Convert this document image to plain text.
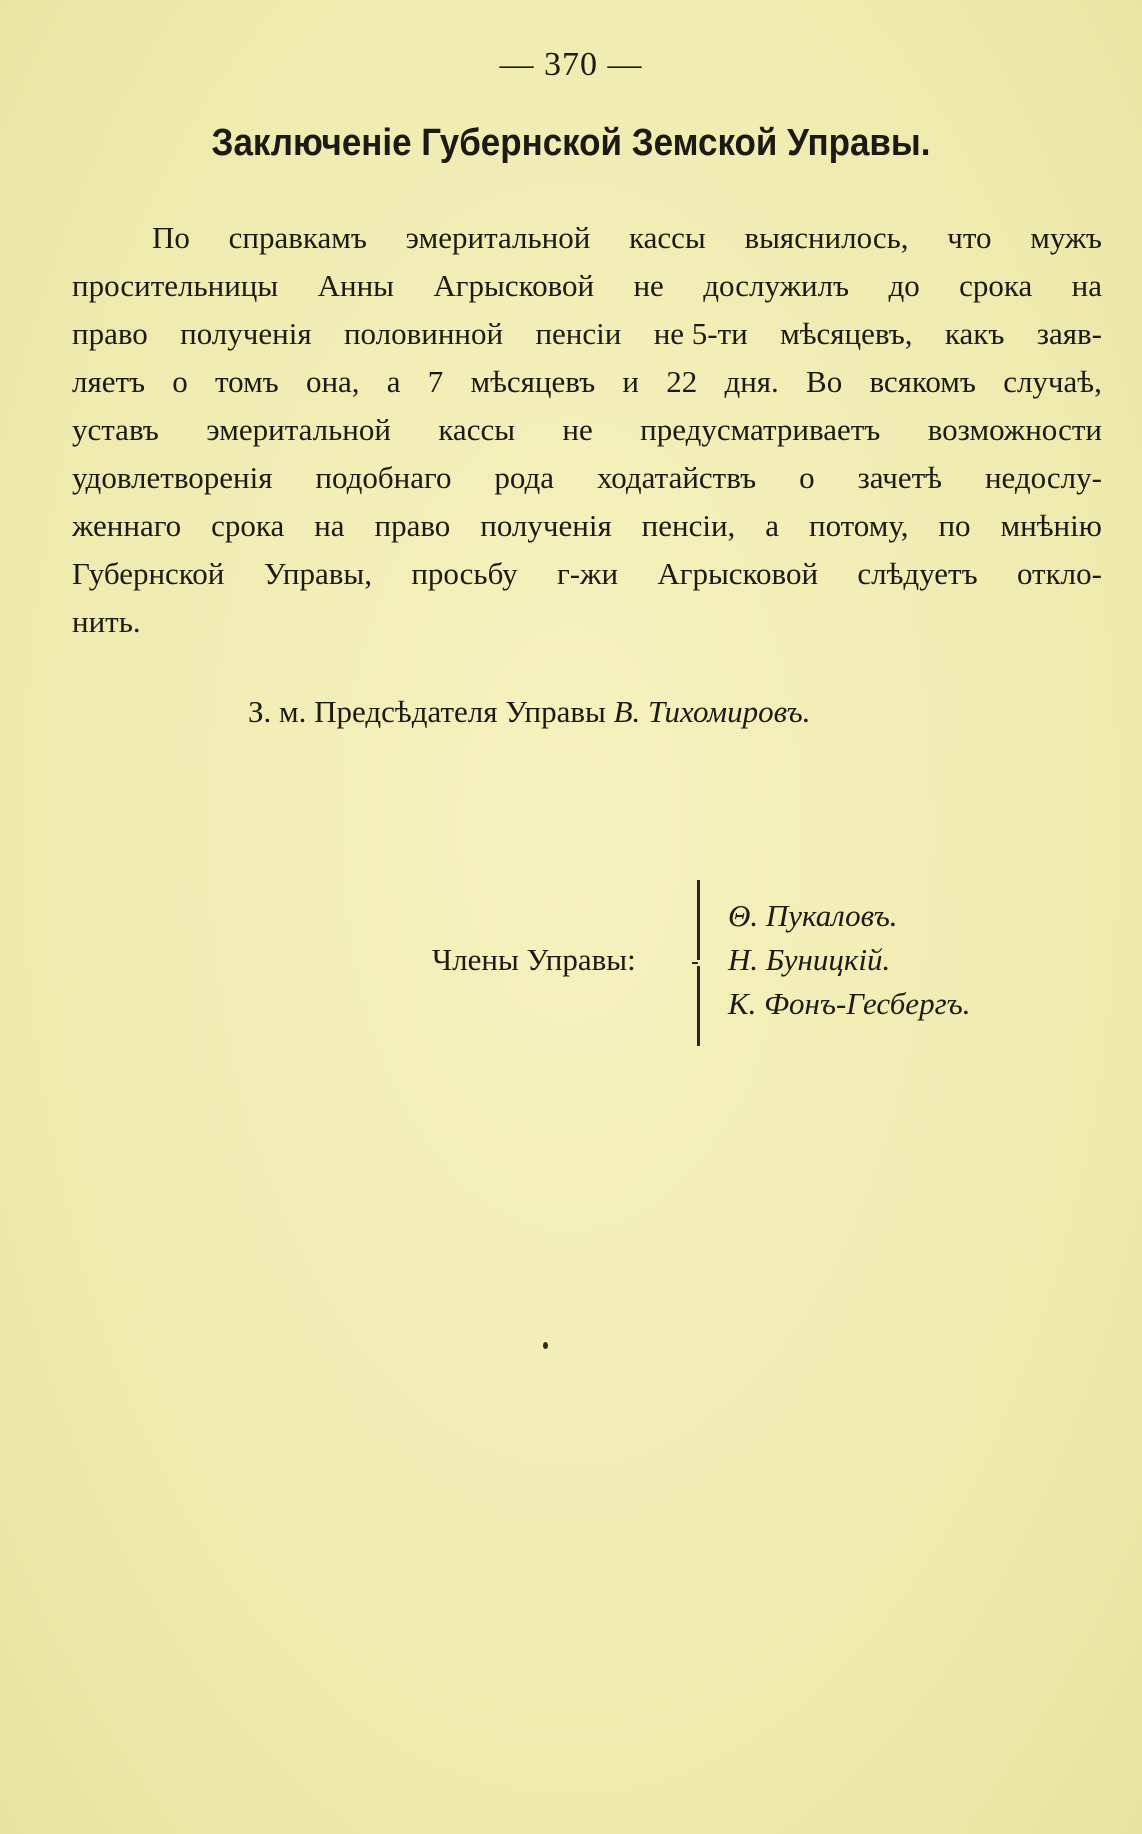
— 370 —
Заключеніе Губернской Земской Управы.
По справкамъ эмеритальной кассы выяснилось, что мужъ
просительницы Анны Агрысковой не дослужилъ до срока на
право полученія половинной пенсіи не 5-ти мѣсяцевъ, какъ заяв-
ляетъ о томъ она, а 7 мѣсяцевъ и 22 дня. Во всякомъ случаѣ,
уставъ эмеритальной кассы не предусматриваетъ возможности
удовлетворенія подобнаго рода ходатайствъ о зачетѣ недослу-
женнаго срока на право полученія пенсіи, а потому, по мнѣнію
Губернской Управы, просьбу г-жи Агрысковой слѣдуетъ откло-
нить.
З. м. Предсѣдателя Управы В. Тихомировъ.
Члены Управы:
Θ. Пукаловъ.
Н. Буницкій.
К. Фонъ-Гесбергъ.
